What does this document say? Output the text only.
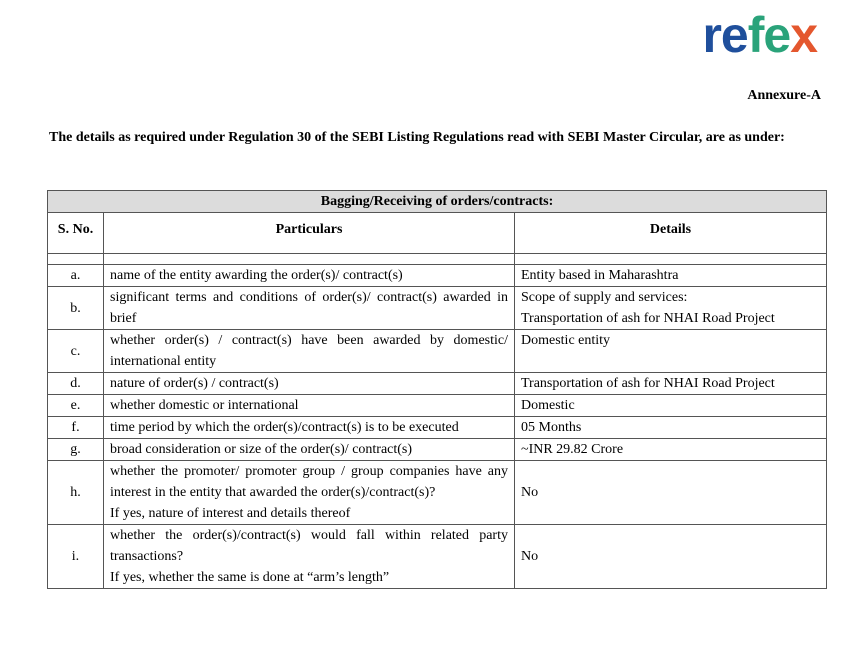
refex
Annexure-A
The details as required under Regulation 30 of the SEBI Listing Regulations read with SEBI Master Circular, are as under:
Bagging/Receiving of orders/contracts:		
S. No.	Particulars	Details

a.	name of the entity awarding the order(s)/ contract(s)	Entity based in Maharashtra
b.	significant terms and conditions of order(s)/ contract(s) awarded in brief	Scope of supply and services:
Transportation of ash for NHAI Road Project

c.	whether order(s) / contract(s) have been awarded by domestic/ international entity	Domestic entity
d.	nature of order(s) / contract(s)	Transportation of ash for NHAI Road Project
e.	whether domestic or international	Domestic
f.	time period by which the order(s)/contract(s) is to be executed	05 Months
g.	broad consideration or size of the order(s)/ contract(s)	~INR 29.82 Crore
h.	whether the promoter/ promoter group / group companies have any interest in the entity that awarded the order(s)/contract(s)?
If yes, nature of interest and details thereof	No
i.	whether the order(s)/contract(s) would fall within related party transactions?
If yes, whether the same is done at “arm’s length”	No
